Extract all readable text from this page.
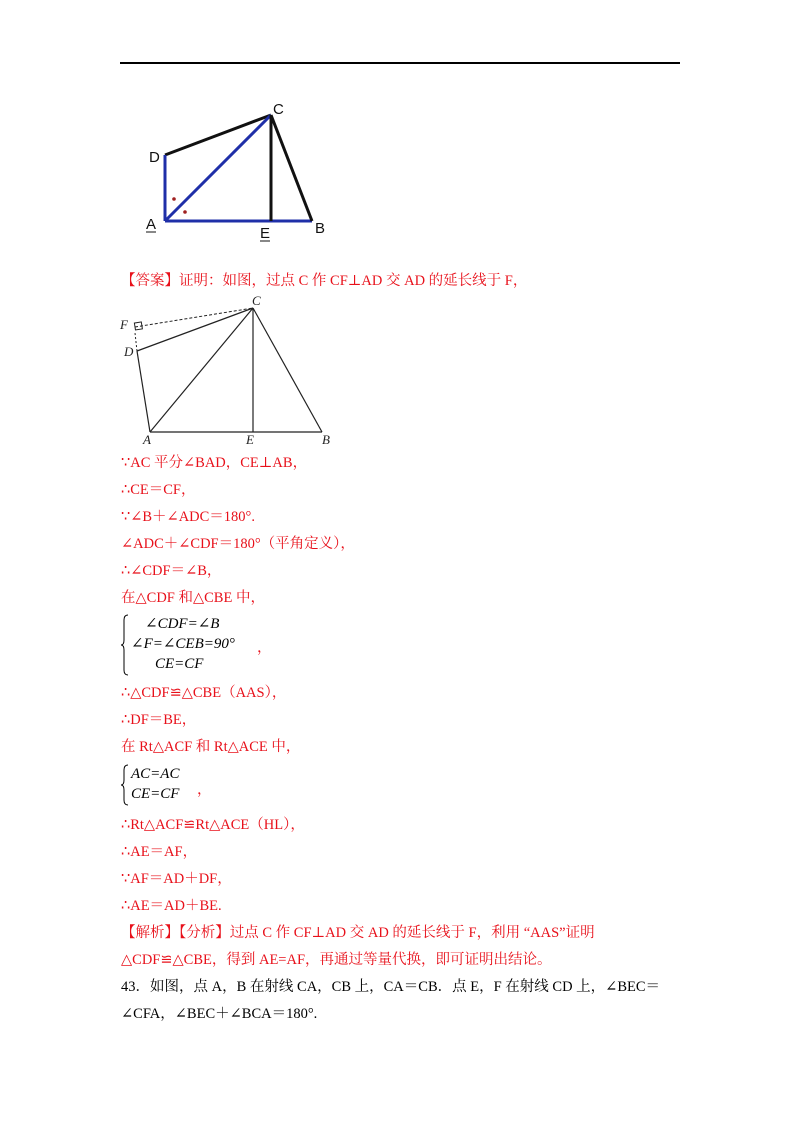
C
D
A
E	B
【答案】证明：如图，过点 C 作 CF⊥AD 交 AD 的延长线于 F，
C
F
D
A	E	B
∵AC 平分∠BAD，CE⊥AB，
∴CE＝CF，
∵∠B＋∠ADC＝180°.
∠ADC＋∠CDF＝180°（平角定义），
∴∠CDF＝∠B，
在△CDF 和△CBE 中，
∠CDF=∠B
∠F=∠CEB=90°
CE=CF
，
∴△CDF≌△CBE（AAS），
∴DF＝BE，
在 Rt△ACF 和 Rt△ACE 中，
AC=AC
CE=CF ，
∴Rt△ACF≌Rt△ACE（HL），
∴AE＝AF，
∵AF＝AD＋DF，
∴AE＝AD＋BE.
【解析】【分析】过点 C 作 CF⊥AD 交 AD 的延长线于 F，利用 “AAS”证明
△CDF≌△CBE，得到 AE=AF，再通过等量代换，即可证明出结论。
43．如图，点 A，B 在射线 CA，CB 上，CA＝CB．点 E，F 在射线 CD 上，∠BEC＝
∠CFA，∠BEC＋∠BCA＝180°.
